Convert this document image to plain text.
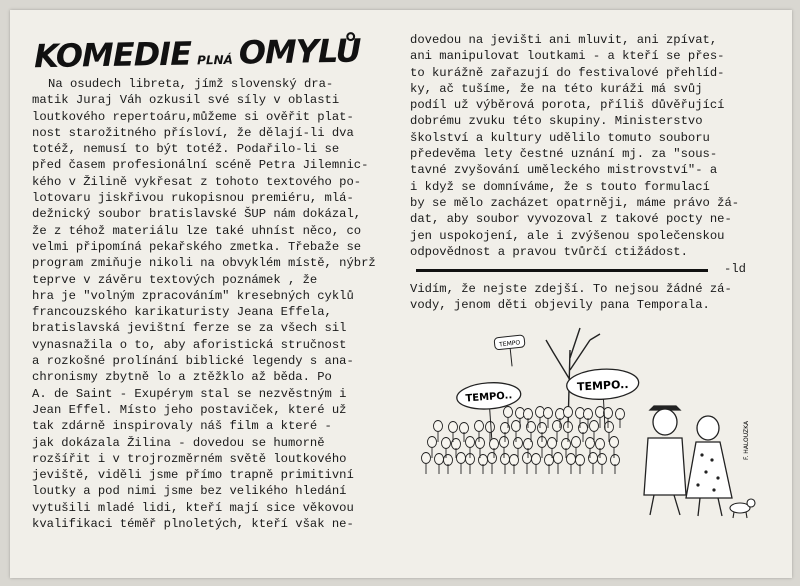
KOMEDIE PLNÁ OMYLŮ
Na osudech libreta, jímž slovenský dra-
matik Juraj Váh ozkusil své síly v oblasti
loutkového repertoáru,můžeme si ověřit plat-
nost starožitného přísloví, že dělají-li dva
totéž, nemusí to být totéž. Podařilo-li se
před časem profesionální scéně Petra Jilemnic-
kého v Žilině vykřesat z tohoto textového po-
lotovaru jiskřivou rukopisnou premiéru, mlá-
dežnický soubor bratislavské ŠUP nám dokázal,
že z téhož materiálu lze také uhníst něco, co
velmi připomíná pekařského zmetka. Třebaže se
program zmiňuje nikoli na obvyklém místě, nýbrž
teprve v závěru textových poznámek , že
hra je "volným zpracováním" kresebných cyklů
francouzského karikaturisty Jeana Effela,
bratislavská jevištní ferze se za všech sil
vynasnažila o to, aby aforistická stručnost
a rozkošné prolínání biblické legendy s ana-
chronismy zbytně lo a ztěžklo až běda. Po
A. de Saint - Exupérym stal se nezvěstným i
Jean Effel. Místo jeho postaviček, které už
tak zdárně inspirovaly náš film a které -
jak dokázala Žilina - dovedou se humorně
rozšířit i v trojrozměrném světě loutkového
jeviště, viděli jsme přímo trapně primitivní
loutky a pod nimi jsme bez velikého hledání
vytušili mladé lidi, kteří mají sice věkovou
kvalifikaci téměř plnoletých, kteří však ne-
dovedou na jevišti ani mluvit, ani zpívat,
ani manipulovat loutkami - a kteří se přes-
to kurážně zařazují do festivalové přehlíd-
ky, ač tušíme, že na této kuráži má svůj
podíl už výběrová porota, příliš důvěřující
dobrému zvuku této skupiny. Ministerstvo
školství a kultury udělilo tomuto souboru
předevěma lety čestné uznání mj. za "sous-
tavné zvyšování uměleckého mistrovství"- a
i když se domníváme, že s touto formulací
by se mělo zacházet opatrněji, máme právo žá-
dat, aby soubor vyvozoval z takové pocty ne-
jen uspokojení, ale i zvýšenou společenskou
odpovědnost a pravou tvůrčí ctižádost.
-ld
Vidím, že nejste zdejší. To nejsou žádné zá-
vody, jenom děti objevily pana Temporala.
TEMPO
TEMPO..
TEMPO..
F. HALOUZKA
